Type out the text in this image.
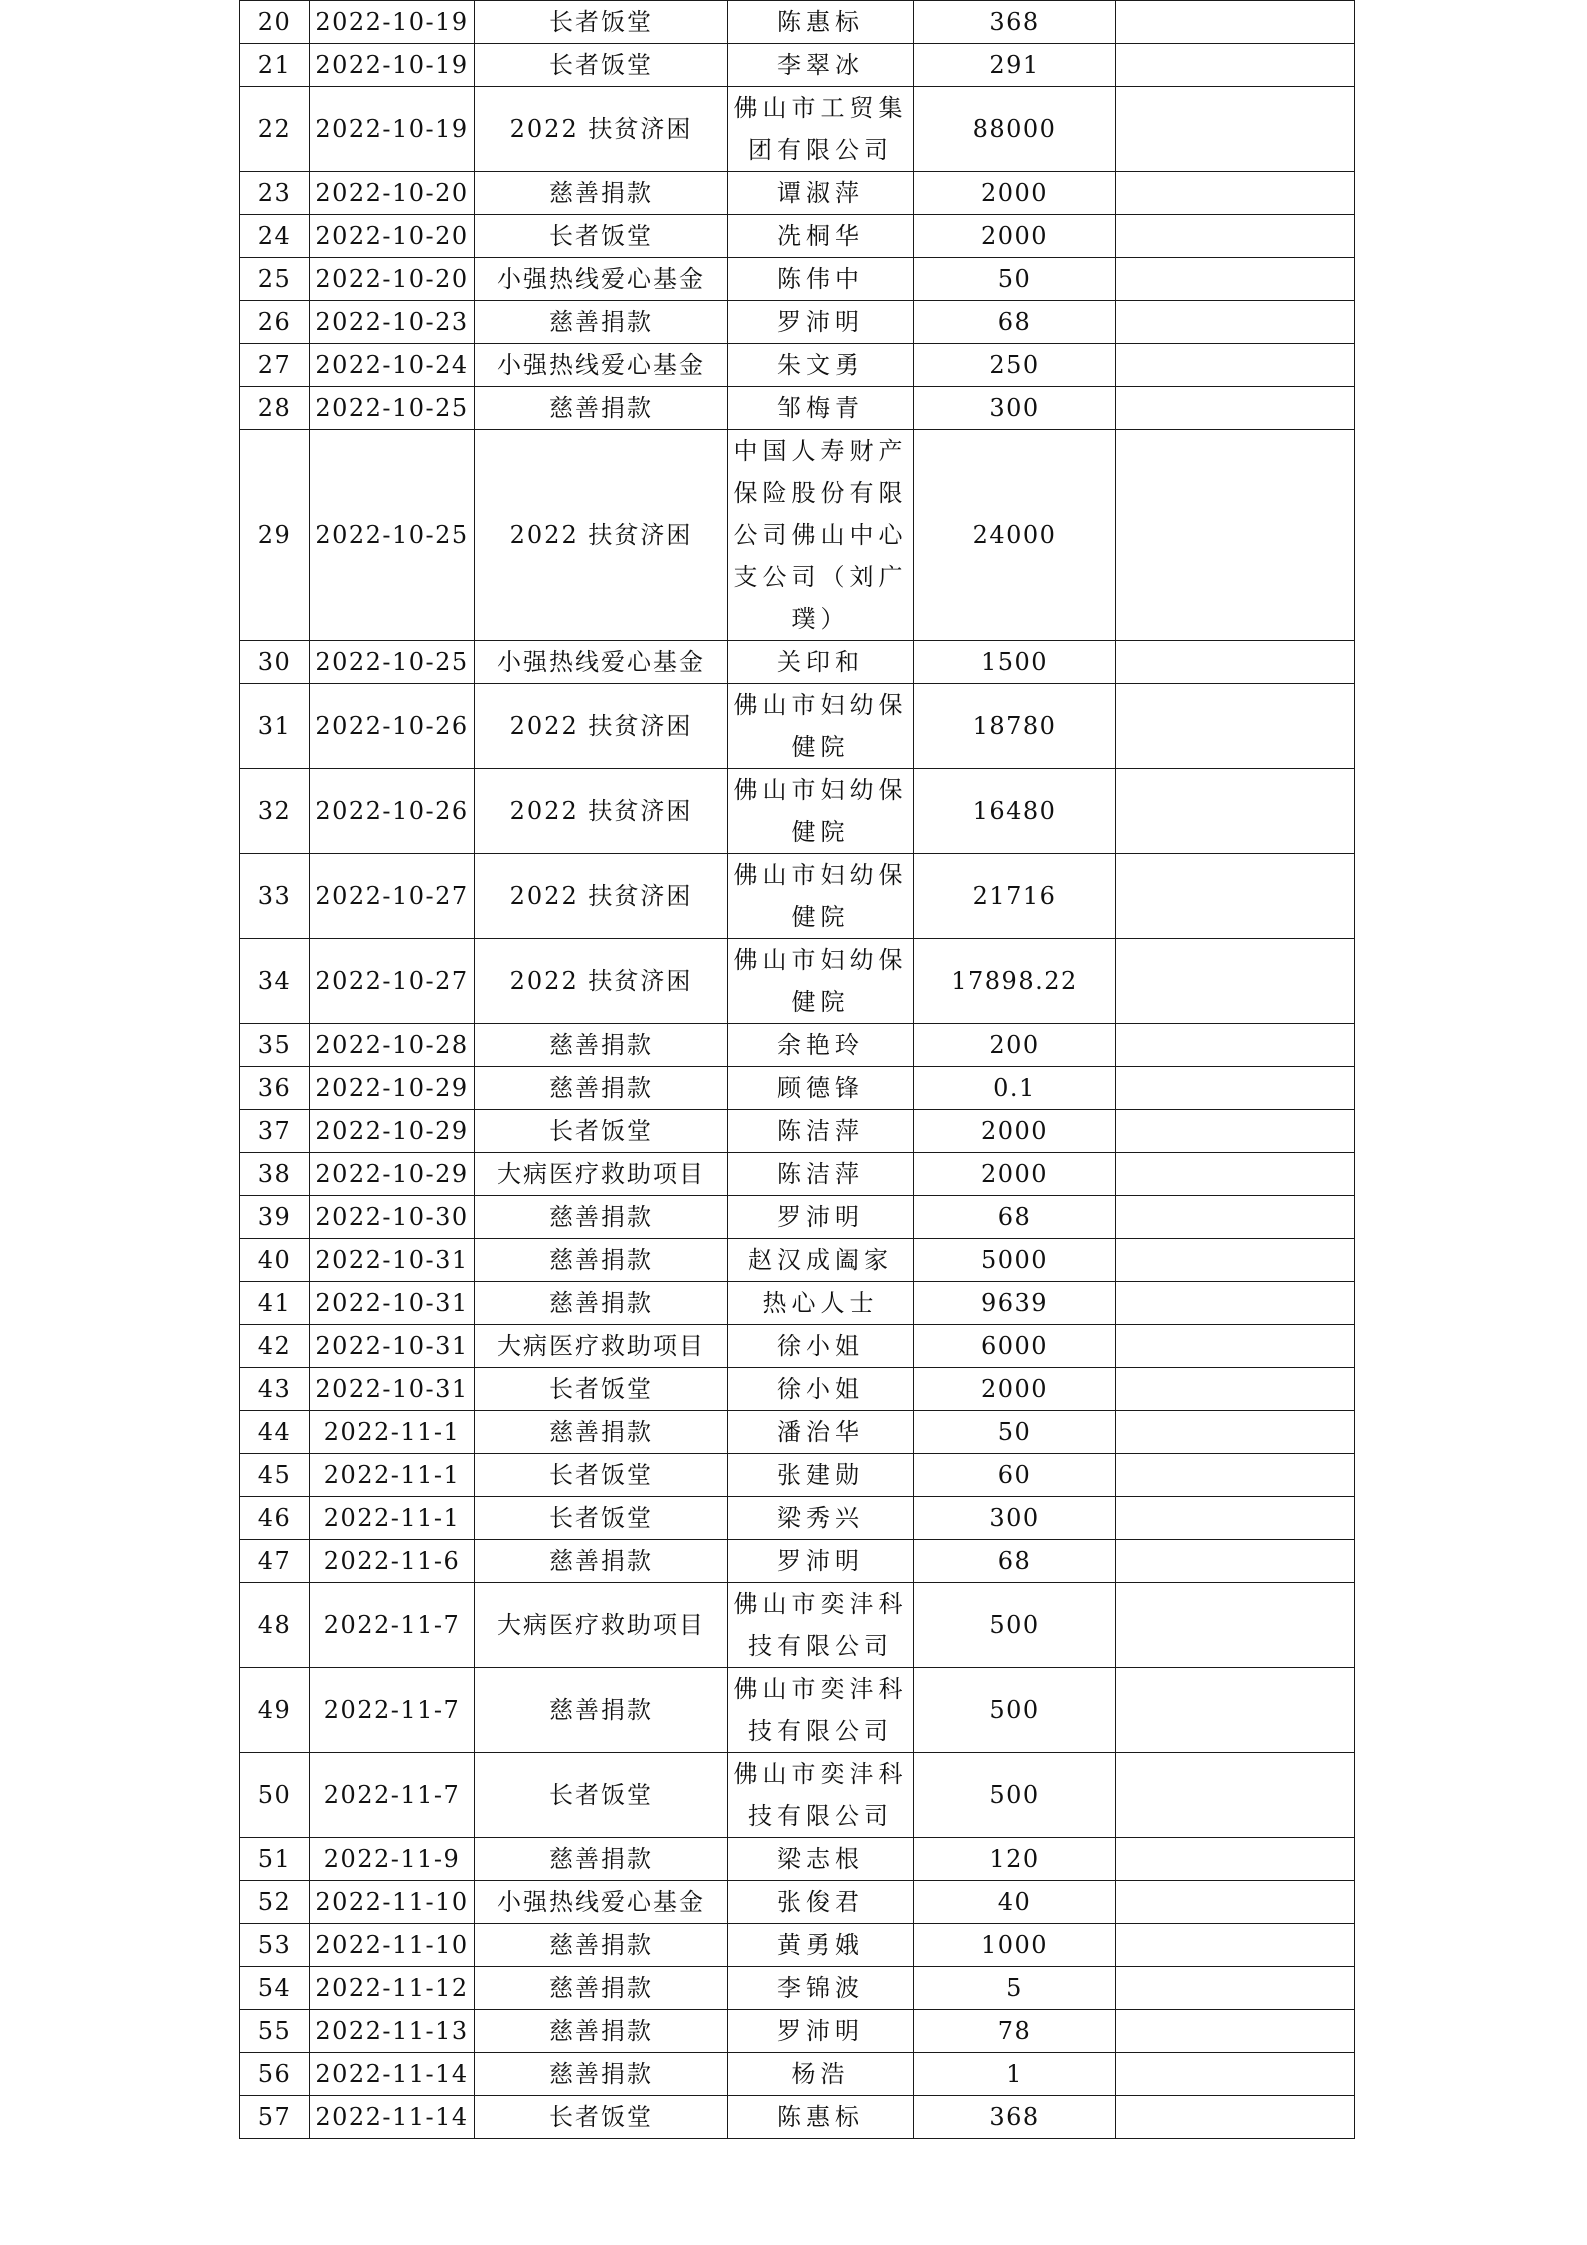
20	2022-10-19	长者饭堂	陈惠标	368	
21	2022-10-19	长者饭堂	李翠冰	291	
22	2022-10-19	2022 扶贫济困	佛山市工贸集团有限公司	88000	
23	2022-10-20	慈善捐款	谭淑萍	2000	
24	2022-10-20	长者饭堂	冼桐华	2000	
25	2022-10-20	小强热线爱心基金	陈伟中	50	
26	2022-10-23	慈善捐款	罗沛明	68	
27	2022-10-24	小强热线爱心基金	朱文勇	250	
28	2022-10-25	慈善捐款	邹梅青	300	
29	2022-10-25	2022 扶贫济困	中国人寿财产保险股份有限公司佛山中心支公司（刘广璞）	24000	
30	2022-10-25	小强热线爱心基金	关印和	1500	
31	2022-10-26	2022 扶贫济困	佛山市妇幼保健院	18780	
32	2022-10-26	2022 扶贫济困	佛山市妇幼保健院	16480	
33	2022-10-27	2022 扶贫济困	佛山市妇幼保健院	21716	
34	2022-10-27	2022 扶贫济困	佛山市妇幼保健院	17898.22	
35	2022-10-28	慈善捐款	余艳玲	200	
36	2022-10-29	慈善捐款	顾德锋	0.1	
37	2022-10-29	长者饭堂	陈洁萍	2000	
38	2022-10-29	大病医疗救助项目	陈洁萍	2000	
39	2022-10-30	慈善捐款	罗沛明	68	
40	2022-10-31	慈善捐款	赵汉成阖家	5000	
41	2022-10-31	慈善捐款	热心人士	9639	
42	2022-10-31	大病医疗救助项目	徐小姐	6000	
43	2022-10-31	长者饭堂	徐小姐	2000	
44	2022-11-1	慈善捐款	潘治华	50	
45	2022-11-1	长者饭堂	张建勋	60	
46	2022-11-1	长者饭堂	梁秀兴	300	
47	2022-11-6	慈善捐款	罗沛明	68	
48	2022-11-7	大病医疗救助项目	佛山市奕沣科技有限公司	500	
49	2022-11-7	慈善捐款	佛山市奕沣科技有限公司	500	
50	2022-11-7	长者饭堂	佛山市奕沣科技有限公司	500	
51	2022-11-9	慈善捐款	梁志根	120	
52	2022-11-10	小强热线爱心基金	张俊君	40	
53	2022-11-10	慈善捐款	黄勇娥	1000	
54	2022-11-12	慈善捐款	李锦波	5	
55	2022-11-13	慈善捐款	罗沛明	78	
56	2022-11-14	慈善捐款	杨浩	1	
57	2022-11-14	长者饭堂	陈惠标	368	
